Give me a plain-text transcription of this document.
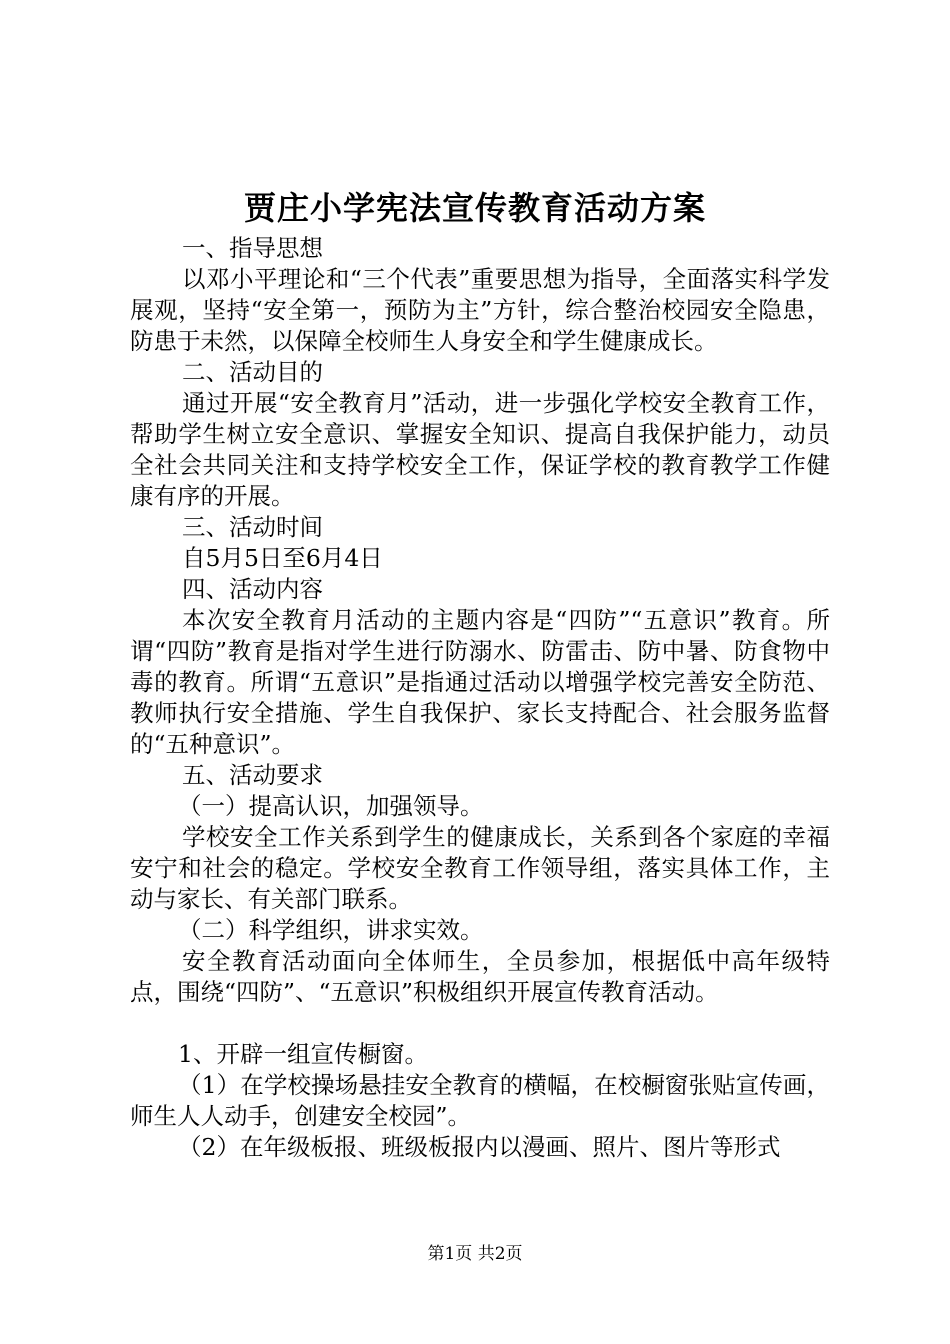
贾庄小学宪法宣传教育活动方案

一、指导思想

以邓小平理论和“三个代表”重要思想为指导，全面落实科学发展观，坚持“安全第一，预防为主”方针，综合整治校园安全隐患，防患于未然，以保障全校师生人身安全和学生健康成长。

二、活动目的

通过开展“安全教育月”活动，进一步强化学校安全教育工作，帮助学生树立安全意识、掌握安全知识、提高自我保护能力，动员全社会共同关注和支持学校安全工作，保证学校的教育教学工作健康有序的开展。

三、活动时间

自5月5日至6月4日

四、活动内容

本次安全教育月活动的主题内容是“四防”“五意识”教育。所谓“四防”教育是指对学生进行防溺水、防雷击、防中暑、防食物中毒的教育。所谓“五意识”是指通过活动以增强学校完善安全防范、教师执行安全措施、学生自我保护、家长支持配合、社会服务监督的“五种意识”。

五、活动要求

（一）提高认识，加强领导。

学校安全工作关系到学生的健康成长，关系到各个家庭的幸福安宁和社会的稳定。学校安全教育工作领导组，落实具体工作，主动与家长、有关部门联系。

（二）科学组织，讲求实效。

安全教育活动面向全体师生，全员参加，根据低中高年级特点，围绕“四防”、“五意识”积极组织开展宣传教育活动。

1、开辟一组宣传橱窗。

（1）在学校操场悬挂安全教育的横幅，在校橱窗张贴宣传画，师生人人动手，创建安全校园”。

（2）在年级板报、班级板报内以漫画、照片、图片等形式

第1页 共2页
